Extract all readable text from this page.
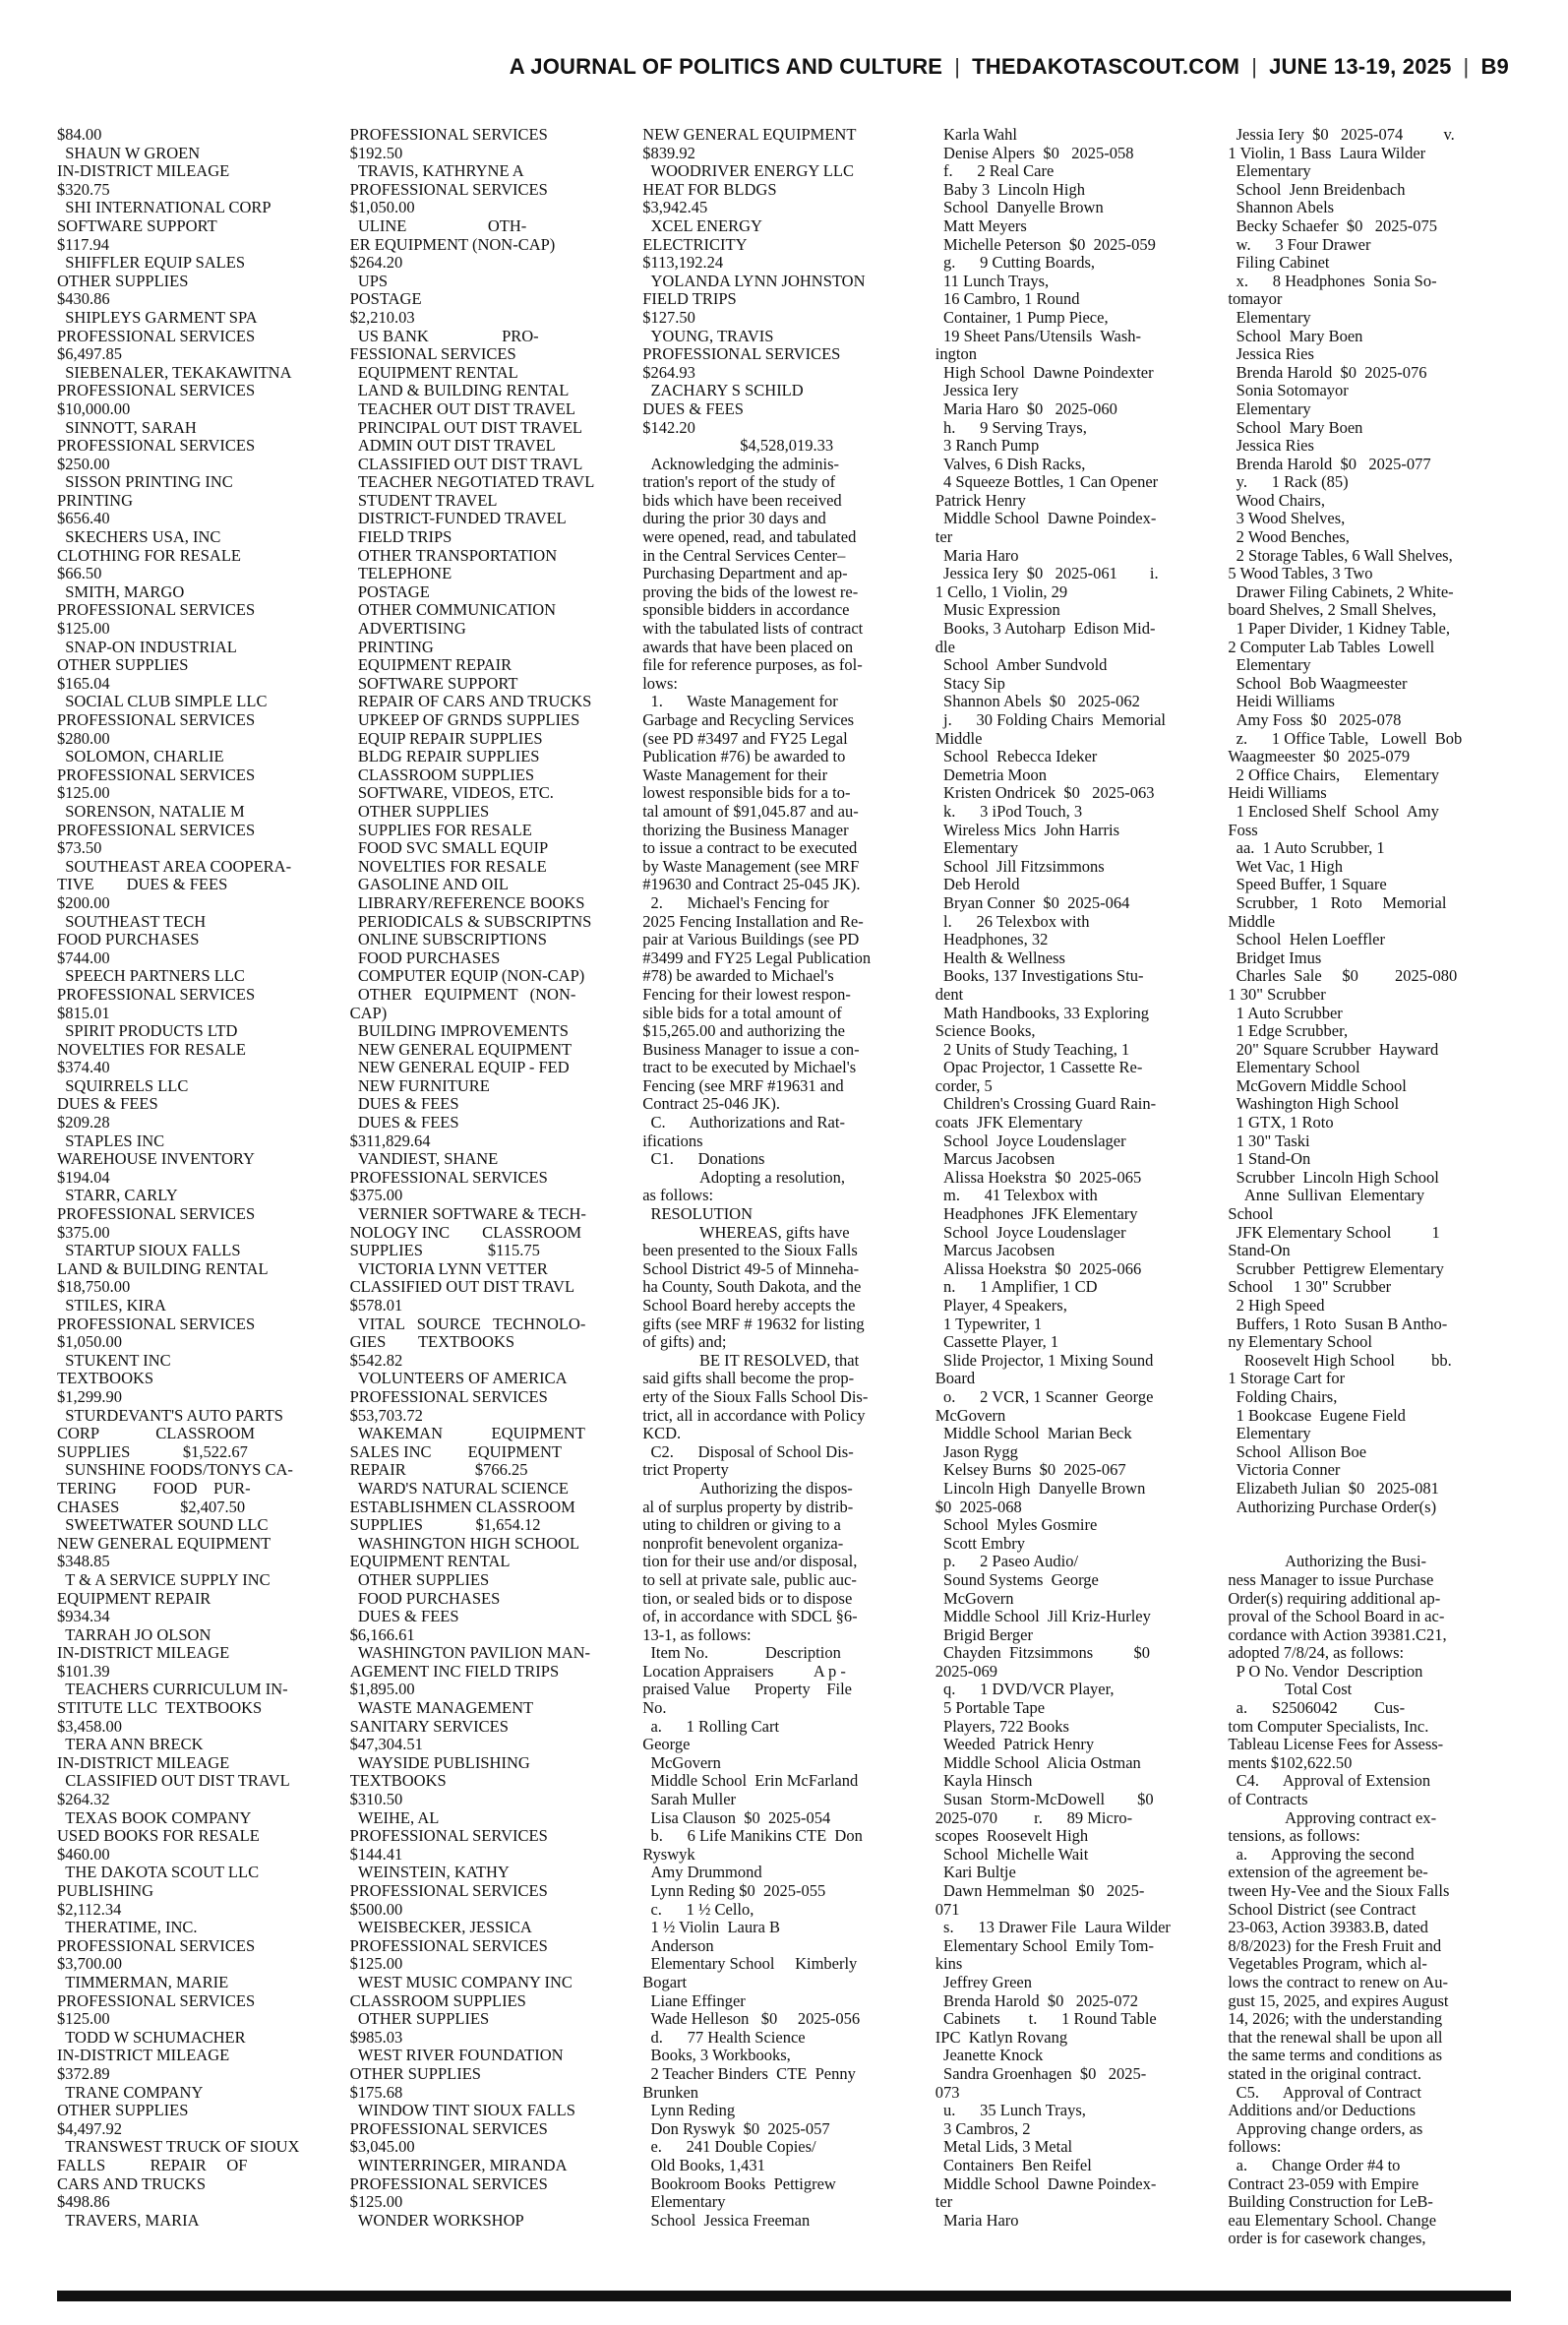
A JOURNAL OF POLITICS AND CULTURE | THEDAKOTASCOUT.COM | JUNE 13-19, 2025 | B9

$84.00

SHAUN W GROEN

IN-DISTRICT MILEAGE

$320.75

SHI INTERNATIONAL CORP

SOFTWARE SUPPORT

$117.94

SHIFFLER EQUIP SALES

OTHER SUPPLIES

$430.86

SHIPLEYS GARMENT SPA

PROFESSIONAL SERVICES

$6,497.85

SIEBENALER, TEKAKAWITNA

PROFESSIONAL SERVICES

$10,000.00

SINNOTT, SARAH

PROFESSIONAL SERVICES

$250.00

SISSON PRINTING INC

PRINTING

$656.40

SKECHERS USA, INC

CLOTHING FOR RESALE

$66.50

SMITH, MARGO

PROFESSIONAL SERVICES

$125.00

SNAP-ON INDUSTRIAL

OTHER SUPPLIES

$165.04

SOCIAL CLUB SIMPLE LLC

PROFESSIONAL SERVICES

$280.00

SOLOMON, CHARLIE

PROFESSIONAL SERVICES

$125.00

SORENSON, NATALIE M

PROFESSIONAL SERVICES

$73.50

SOUTHEAST AREA COOPERA-

TIVE        DUES & FEES

$200.00

SOUTHEAST TECH

FOOD PURCHASES

$744.00

SPEECH PARTNERS LLC

PROFESSIONAL SERVICES

$815.01

SPIRIT PRODUCTS LTD

NOVELTIES FOR RESALE

$374.40

SQUIRRELS LLC

DUES & FEES

$209.28

STAPLES INC

WAREHOUSE INVENTORY

$194.04

STARR, CARLY

PROFESSIONAL SERVICES

$375.00

STARTUP SIOUX FALLS

LAND & BUILDING RENTAL

$18,750.00

STILES, KIRA

PROFESSIONAL SERVICES

$1,050.00

STUKENT INC

TEXTBOOKS

$1,299.90

STURDEVANT'S AUTO PARTS

CORP              CLASSROOM

SUPPLIES             $1,522.67

SUNSHINE FOODS/TONYS CA-

TERING         FOOD    PUR-

CHASES               $2,407.50

SWEETWATER SOUND LLC

NEW GENERAL EQUIPMENT

$348.85

T & A SERVICE SUPPLY INC

EQUIPMENT REPAIR

$934.34

TARRAH JO OLSON

IN-DISTRICT MILEAGE

$101.39

TEACHERS CURRICULUM IN-

STITUTE LLC  TEXTBOOKS

$3,458.00

TERA ANN BRECK

IN-DISTRICT MILEAGE

CLASSIFIED OUT DIST TRAVL

$264.32

TEXAS BOOK COMPANY

USED BOOKS FOR RESALE

$460.00

THE DAKOTA SCOUT LLC

PUBLISHING

$2,112.34

THERATIME, INC.

PROFESSIONAL SERVICES

$3,700.00

TIMMERMAN, MARIE

PROFESSIONAL SERVICES

$125.00

TODD W SCHUMACHER

IN-DISTRICT MILEAGE

$372.89

TRANE COMPANY

OTHER SUPPLIES

$4,497.92

TRANSWEST TRUCK OF SIOUX

FALLS           REPAIR     OF

CARS AND TRUCKS

$498.86

TRAVERS, MARIA

PROFESSIONAL SERVICES

$192.50

TRAVIS, KATHRYNE A

PROFESSIONAL SERVICES

$1,050.00

ULINE                    OTH-

ER EQUIPMENT (NON-CAP)

$264.20

UPS

POSTAGE

$2,210.03

US BANK                  PRO-

FESSIONAL SERVICES

EQUIPMENT RENTAL

LAND & BUILDING RENTAL

TEACHER OUT DIST TRAVEL

PRINCIPAL OUT DIST TRAVEL

ADMIN OUT DIST TRAVEL

CLASSIFIED OUT DIST TRAVL

TEACHER NEGOTIATED TRAVL

STUDENT TRAVEL

DISTRICT-FUNDED TRAVEL

FIELD TRIPS

OTHER TRANSPORTATION

TELEPHONE

POSTAGE

OTHER COMMUNICATION

ADVERTISING

PRINTING

EQUIPMENT REPAIR

SOFTWARE SUPPORT

REPAIR OF CARS AND TRUCKS

UPKEEP OF GRNDS SUPPLIES

EQUIP REPAIR SUPPLIES

BLDG REPAIR SUPPLIES

CLASSROOM SUPPLIES

SOFTWARE, VIDEOS, ETC.

OTHER SUPPLIES

SUPPLIES FOR RESALE

FOOD SVC SMALL EQUIP

NOVELTIES FOR RESALE

GASOLINE AND OIL

LIBRARY/REFERENCE BOOKS

PERIODICALS & SUBSCRIPTNS

ONLINE SUBSCRIPTIONS

FOOD PURCHASES

COMPUTER EQUIP (NON-CAP)

OTHER   EQUIPMENT   (NON-

CAP)

BUILDING IMPROVEMENTS

NEW GENERAL EQUIPMENT

NEW GENERAL EQUIP - FED

NEW FURNITURE

DUES & FEES

DUES & FEES

$311,829.64

VANDIEST, SHANE

PROFESSIONAL SERVICES

$375.00

VERNIER SOFTWARE & TECH-

NOLOGY INC        CLASSROOM

SUPPLIES                $115.75

VICTORIA LYNN VETTER

CLASSIFIED OUT DIST TRAVL

$578.01

VITAL   SOURCE   TECHNOLO-

GIES        TEXTBOOKS

$542.82

VOLUNTEERS OF AMERICA

PROFESSIONAL SERVICES

$53,703.72

WAKEMAN            EQUIPMENT

SALES INC         EQUIPMENT

REPAIR                 $766.25

WARD'S NATURAL SCIENCE

ESTABLISHMEN CLASSROOM

SUPPLIES             $1,654.12

WASHINGTON HIGH SCHOOL

EQUIPMENT RENTAL

OTHER SUPPLIES

FOOD PURCHASES

DUES & FEES

$6,166.61

WASHINGTON PAVILION MAN-

AGEMENT INC FIELD TRIPS

$1,895.00

WASTE MANAGEMENT

SANITARY SERVICES

$47,304.51

WAYSIDE PUBLISHING

TEXTBOOKS

$310.50

WEIHE, AL

PROFESSIONAL SERVICES

$144.41

WEINSTEIN, KATHY

PROFESSIONAL SERVICES

$500.00

WEISBECKER, JESSICA

PROFESSIONAL SERVICES

$125.00

WEST MUSIC COMPANY INC

CLASSROOM SUPPLIES

OTHER SUPPLIES

$985.03

WEST RIVER FOUNDATION

OTHER SUPPLIES

$175.68

WINDOW TINT SIOUX FALLS

PROFESSIONAL SERVICES

$3,045.00

WINTERRINGER, MIRANDA

PROFESSIONAL SERVICES

$125.00

WONDER WORKSHOP

NEW GENERAL EQUIPMENT

$839.92

WOODRIVER ENERGY LLC

HEAT FOR BLDGS

$3,942.45

XCEL ENERGY

ELECTRICITY

$113,192.24

YOLANDA LYNN JOHNSTON

FIELD TRIPS

$127.50

YOUNG, TRAVIS

PROFESSIONAL SERVICES

$264.93

ZACHARY S SCHILD

DUES & FEES

$142.20

$4,528,019.33

Acknowledging the adminis-

tration's report of the study of

bids which have been received

during the prior 30 days and

were opened, read, and tabulated

in the Central Services Center–

Purchasing Department and ap-

proving the bids of the lowest re-

sponsible bidders in accordance

with the tabulated lists of contract

awards that have been placed on

file for reference purposes, as fol-

lows:

1.      Waste Management for

Garbage and Recycling Services

(see PD #3497 and FY25 Legal

Publication #76) be awarded to

Waste Management for their

lowest responsible bids for a to-

tal amount of $91,045.87 and au-

thorizing the Business Manager

to issue a contract to be executed

by Waste Management (see MRF

#19630 and Contract 25-045 JK).

2.      Michael's Fencing for

2025 Fencing Installation and Re-

pair at Various Buildings (see PD

#3499 and FY25 Legal Publication

#78) be awarded to Michael's

Fencing for their lowest respon-

sible bids for a total amount of

$15,265.00 and authorizing the

Business Manager to issue a con-

tract to be executed by Michael's

Fencing (see MRF #19631 and

Contract 25-046 JK).

C.      Authorizations and Rat-

ifications

C1.      Donations

Adopting a resolution,

as follows:

RESOLUTION

WHEREAS, gifts have

been presented to the Sioux Falls

School District 49-5 of Minneha-

ha County, South Dakota, and the

School Board hereby accepts the

gifts (see MRF # 19632 for listing

of gifts) and;

BE IT RESOLVED, that

said gifts shall become the prop-

erty of the Sioux Falls School Dis-

trict, all in accordance with Policy

KCD.

C2.      Disposal of School Dis-

trict Property

Authorizing the dispos-

al of surplus property by distrib-

uting to children or giving to a

nonprofit benevolent organiza-

tion for their use and/or disposal,

to sell at private sale, public auc-

tion, or sealed bids or to dispose

of, in accordance with SDCL §6-

13-1, as follows:

Item No.              Description

Location Appraisers          A p -

praised Value      Property    File

No.

a.      1 Rolling Cart

George

McGovern

Middle School  Erin McFarland

Sarah Muller

Lisa Clauson  $0  2025-054

b.      6 Life Manikins CTE  Don

Ryswyk

Amy Drummond

Lynn Reding $0  2025-055

c.      1 ½ Cello,

1 ½ Violin  Laura B

Anderson

Elementary School     Kimberly

Bogart

Liane Effinger

Wade Helleson   $0     2025-056

d.      77 Health Science

Books, 3 Workbooks,

2 Teacher Binders  CTE  Penny

Brunken

Lynn Reding

Don Ryswyk  $0  2025-057

e.      241 Double Copies/

Old Books, 1,431

Bookroom Books  Pettigrew

Elementary

School  Jessica Freeman

Karla Wahl

Denise Alpers  $0   2025-058

f.      2 Real Care

Baby 3  Lincoln High

School  Danyelle Brown

Matt Meyers

Michelle Peterson  $0  2025-059

g.      9 Cutting Boards,

11 Lunch Trays,

16 Cambro, 1 Round

Container, 1 Pump Piece,

19 Sheet Pans/Utensils  Wash-

ington

High School  Dawne Poindexter

Jessica Iery

Maria Haro  $0   2025-060

h.      9 Serving Trays,

3 Ranch Pump

Valves, 6 Dish Racks,

4 Squeeze Bottles, 1 Can Opener

Patrick Henry

Middle School  Dawne Poindex-

ter

Maria Haro

Jessica Iery  $0   2025-061        i.

1 Cello, 1 Violin, 29

Music Expression

Books, 3 Autoharp  Edison Mid-

dle

School  Amber Sundvold

Stacy Sip

Shannon Abels  $0   2025-062

j.      30 Folding Chairs  Memorial

Middle

School  Rebecca Ideker

Demetria Moon

Kristen Ondricek  $0   2025-063

k.      3 iPod Touch, 3

Wireless Mics  John Harris

Elementary

School  Jill Fitzsimmons

Deb Herold

Bryan Conner  $0  2025-064

l.      26 Telexbox with

Headphones, 32

Health & Wellness

Books, 137 Investigations Stu-

dent

Math Handbooks, 33 Exploring

Science Books,

2 Units of Study Teaching, 1

Opac Projector, 1 Cassette Re-

corder, 5

Children's Crossing Guard Rain-

coats  JFK Elementary

School  Joyce Loudenslager

Marcus Jacobsen

Alissa Hoekstra  $0  2025-065

m.      41 Telexbox with

Headphones  JFK Elementary

School  Joyce Loudenslager

Marcus Jacobsen

Alissa Hoekstra  $0  2025-066

n.      1 Amplifier, 1 CD

Player, 4 Speakers,

1 Typewriter, 1

Cassette Player, 1

Slide Projector, 1 Mixing Sound

Board

o.      2 VCR, 1 Scanner  George

McGovern

Middle School  Marian Beck

Jason Rygg

Kelsey Burns  $0  2025-067

Lincoln High  Danyelle Brown

$0  2025-068

School  Myles Gosmire

Scott Embry

p.      2 Paseo Audio/

Sound Systems  George

McGovern

Middle School  Jill Kriz-Hurley

Brigid Berger

Chayden  Fitzsimmons          $0

2025-069

q.      1 DVD/VCR Player,

5 Portable Tape

Players, 722 Books

Weeded  Patrick Henry

Middle School  Alicia Ostman

Kayla Hinsch

Susan  Storm-McDowell        $0

2025-070         r.      89 Micro-

scopes  Roosevelt High

School  Michelle Wait

Kari Bultje

Dawn Hemmelman  $0   2025-

071

s.      13 Drawer File  Laura Wilder

Elementary School  Emily Tom-

kins

Jeffrey Green

Brenda Harold  $0   2025-072

Cabinets       t.      1 Round Table

IPC  Katlyn Rovang

Jeanette Knock

Sandra Groenhagen  $0   2025-

073

u.      35 Lunch Trays,

3 Cambros, 2

Metal Lids, 3 Metal

Containers  Ben Reifel

Middle School  Dawne Poindex-

ter

Maria Haro

Jessia Iery  $0   2025-074          v.

1 Violin, 1 Bass  Laura Wilder

Elementary

School  Jenn Breidenbach

Shannon Abels

Becky Schaefer  $0   2025-075

w.      3 Four Drawer

Filing Cabinet

x.      8 Headphones  Sonia So-

tomayor

Elementary

School  Mary Boen

Jessica Ries

Brenda Harold  $0  2025-076

Sonia Sotomayor

Elementary

School  Mary Boen

Jessica Ries

Brenda Harold  $0   2025-077

y.      1 Rack (85)

Wood Chairs,

3 Wood Shelves,

2 Wood Benches,

2 Storage Tables, 6 Wall Shelves,

5 Wood Tables, 3 Two

Drawer Filing Cabinets, 2 White-

board Shelves, 2 Small Shelves,

1 Paper Divider, 1 Kidney Table,

2 Computer Lab Tables  Lowell

Elementary

School  Bob Waagmeester

Heidi Williams

Amy Foss  $0   2025-078

z.      1 Office Table,   Lowell  Bob

Waagmeester  $0  2025-079

2 Office Chairs,      Elementary

Heidi Williams

1 Enclosed Shelf  School  Amy

Foss

aa.  1 Auto Scrubber, 1

Wet Vac, 1 High

Speed Buffer, 1 Square

Scrubber,   1   Roto     Memorial

Middle

School  Helen Loeffler

Bridget Imus

Charles  Sale     $0         2025-080

1 30" Scrubber

1 Auto Scrubber

1 Edge Scrubber,

20" Square Scrubber  Hayward

Elementary School

McGovern Middle School

Washington High School

1 GTX, 1 Roto

1 30" Taski

1 Stand-On

Scrubber  Lincoln High School

Anne  Sullivan  Elementary

School

JFK Elementary School          1

Stand-On

Scrubber  Pettigrew Elementary

School     1 30" Scrubber

2 High Speed

Buffers, 1 Roto  Susan B Antho-

ny Elementary School

Roosevelt High School         bb.

1 Storage Cart for

Folding Chairs,

1 Bookcase  Eugene Field

Elementary

School  Allison Boe

Victoria Conner

Elizabeth Julian  $0   2025-081

Authorizing Purchase Order(s)

Authorizing the Busi-

ness Manager to issue Purchase

Order(s) requiring additional ap-

proval of the School Board in ac-

cordance with Action 39381.C21,

adopted 7/8/24, as follows:

P O No. Vendor  Description

Total Cost

a.      S2506042         Cus-

tom Computer Specialists, Inc.

Tableau License Fees for Assess-

ments $102,622.50

C4.      Approval of Extension

of Contracts

Approving contract ex-

tensions, as follows:

a.      Approving the second

extension of the agreement be-

tween Hy-Vee and the Sioux Falls

School District (see Contract

23-063, Action 39383.B, dated

8/8/2023) for the Fresh Fruit and

Vegetables Program, which al-

lows the contract to renew on Au-

gust 15, 2025, and expires August

14, 2026; with the understanding

that the renewal shall be upon all

the same terms and conditions as

stated in the original contract.

C5.      Approval of Contract

Additions and/or Deductions

Approving change orders, as

follows:

a.      Change Order #4 to

Contract 23-059 with Empire

Building Construction for LeB-

eau Elementary School. Change

order is for casework changes,
